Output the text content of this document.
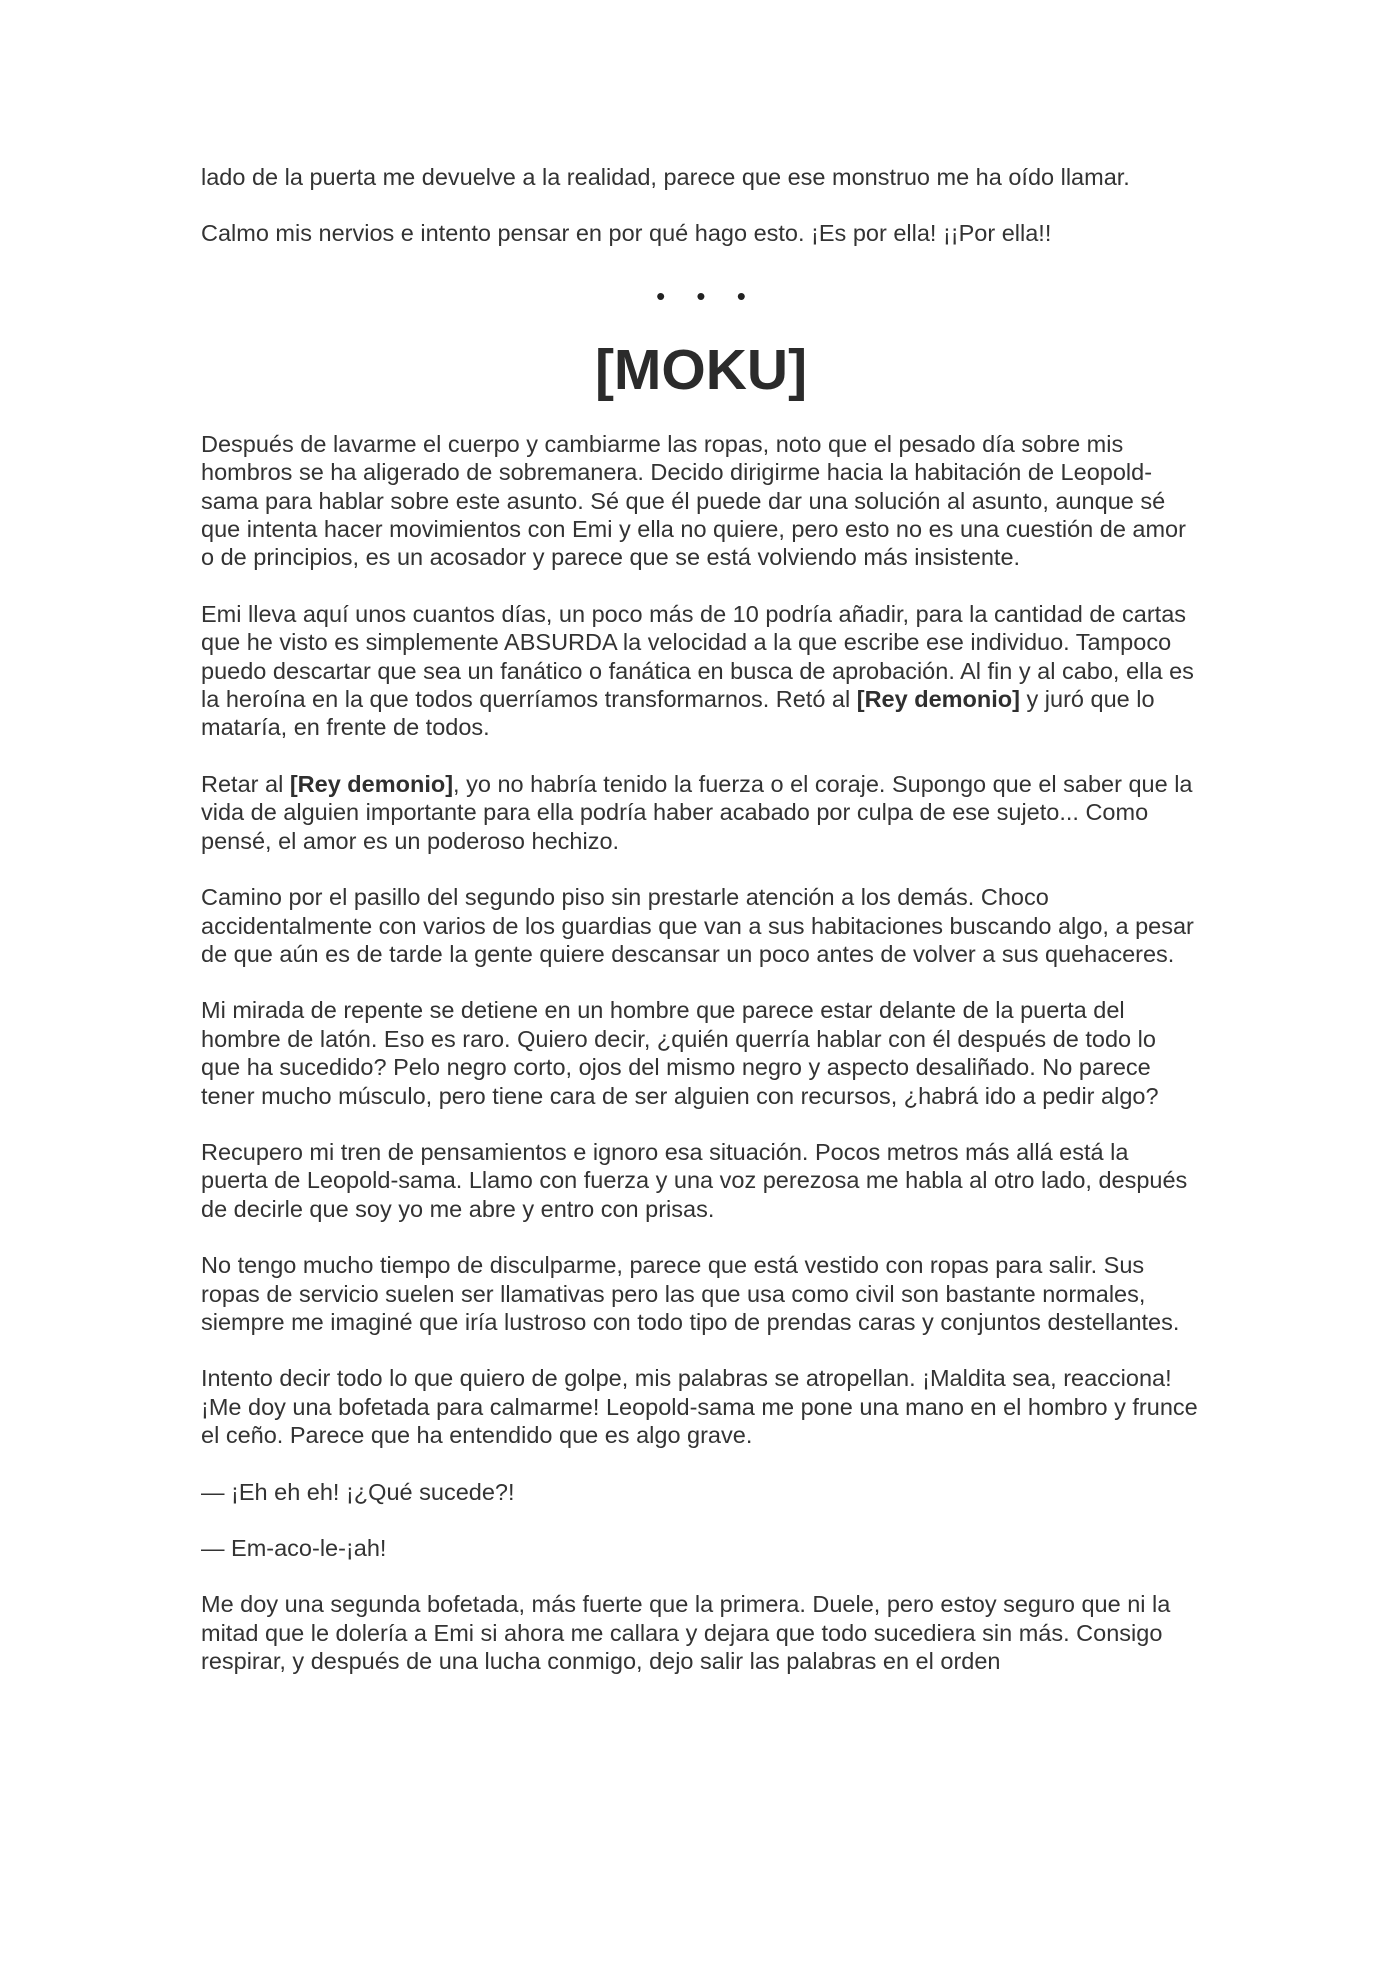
lado de la puerta me devuelve a la realidad, parece que ese monstruo me ha oído llamar.

Calmo mis nervios e intento pensar en por qué hago esto. ¡Es por ella! ¡¡Por ella!!

• • •
[MOKU]

Después de lavarme el cuerpo y cambiarme las ropas, noto que el pesado día sobre mis hombros se ha aligerado de sobremanera. Decido dirigirme hacia la habitación de Leopold-sama para hablar sobre este asunto. Sé que él puede dar una solución al asunto, aunque sé que intenta hacer movimientos con Emi y ella no quiere, pero esto no es una cuestión de amor o de principios, es un acosador y parece que se está volviendo más insistente.

Emi lleva aquí unos cuantos días, un poco más de 10 podría añadir, para la cantidad de cartas que he visto es simplemente ABSURDA la velocidad a la que escribe ese individuo. Tampoco puedo descartar que sea un fanático o fanática en busca de aprobación. Al fin y al cabo, ella es la heroína en la que todos querríamos transformarnos. Retó al [Rey demonio] y juró que lo mataría, en frente de todos.

Retar al [Rey demonio], yo no habría tenido la fuerza o el coraje. Supongo que el saber que la vida de alguien importante para ella podría haber acabado por culpa de ese sujeto... Como pensé, el amor es un poderoso hechizo.

Camino por el pasillo del segundo piso sin prestarle atención a los demás. Choco accidentalmente con varios de los guardias que van a sus habitaciones buscando algo, a pesar de que aún es de tarde la gente quiere descansar un poco antes de volver a sus quehaceres.

Mi mirada de repente se detiene en un hombre que parece estar delante de la puerta del hombre de latón. Eso es raro. Quiero decir, ¿quién querría hablar con él después de todo lo que ha sucedido? Pelo negro corto, ojos del mismo negro y aspecto desaliñado. No parece tener mucho músculo, pero tiene cara de ser alguien con recursos, ¿habrá ido a pedir algo?

Recupero mi tren de pensamientos e ignoro esa situación. Pocos metros más allá está la puerta de Leopold-sama. Llamo con fuerza y una voz perezosa me habla al otro lado, después de decirle que soy yo me abre y entro con prisas.

No tengo mucho tiempo de disculparme, parece que está vestido con ropas para salir. Sus ropas de servicio suelen ser llamativas pero las que usa como civil son bastante normales, siempre me imaginé que iría lustroso con todo tipo de prendas caras y conjuntos destellantes.

Intento decir todo lo que quiero de golpe, mis palabras se atropellan. ¡Maldita sea, reacciona! ¡Me doy una bofetada para calmarme! Leopold-sama me pone una mano en el hombro y frunce el ceño. Parece que ha entendido que es algo grave.

— ¡Eh eh eh! ¡¿Qué sucede?!

— Em-aco-le-¡ah!

Me doy una segunda bofetada, más fuerte que la primera. Duele, pero estoy seguro que ni la mitad que le dolería a Emi si ahora me callara y dejara que todo sucediera sin más. Consigo respirar, y después de una lucha conmigo, dejo salir las palabras en el orden
